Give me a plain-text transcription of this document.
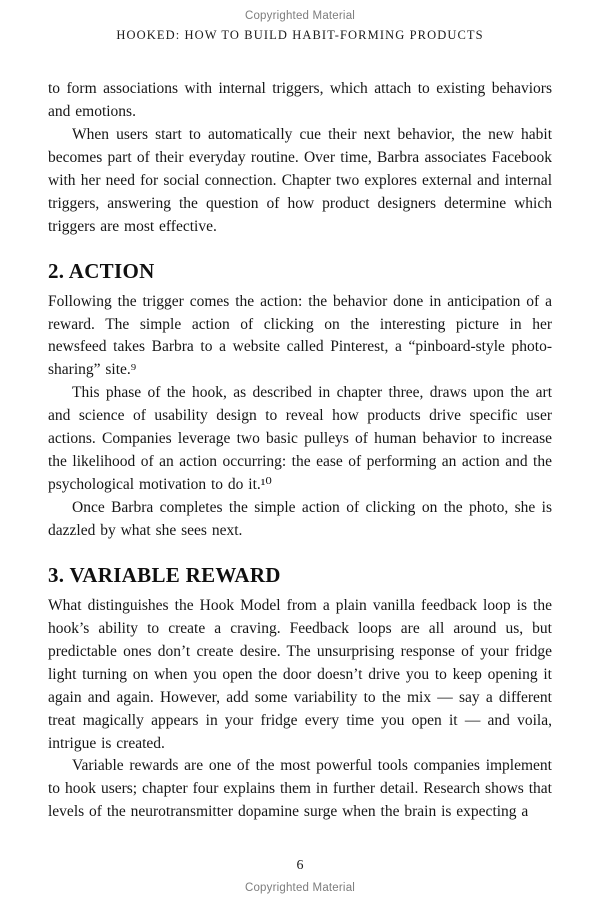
Copyrighted Material
HOOKED: HOW TO BUILD HABIT-FORMING PRODUCTS

to form associations with internal triggers, which attach to existing behaviors and emotions.

When users start to automatically cue their next behavior, the new habit becomes part of their everyday routine. Over time, Barbra associates Facebook with her need for social connection. Chapter two explores external and internal triggers, answering the question of how product designers determine which triggers are most effective.

2. ACTION

Following the trigger comes the action: the behavior done in anticipation of a reward. The simple action of clicking on the interesting picture in her newsfeed takes Barbra to a website called Pinterest, a “pinboard-style photo-sharing” site.⁹

This phase of the hook, as described in chapter three, draws upon the art and science of usability design to reveal how products drive specific user actions. Companies leverage two basic pulleys of human behavior to increase the likelihood of an action occurring: the ease of performing an action and the psychological motivation to do it.¹⁰

Once Barbra completes the simple action of clicking on the photo, she is dazzled by what she sees next.

3. VARIABLE REWARD

What distinguishes the Hook Model from a plain vanilla feedback loop is the hook’s ability to create a craving. Feedback loops are all around us, but predictable ones don’t create desire. The unsurprising response of your fridge light turning on when you open the door doesn’t drive you to keep opening it again and again. However, add some variability to the mix — say a different treat magically appears in your fridge every time you open it — and voila, intrigue is created.

Variable rewards are one of the most powerful tools companies implement to hook users; chapter four explains them in further detail. Research shows that levels of the neurotransmitter dopamine surge when the brain is expecting a

6
Copyrighted Material
